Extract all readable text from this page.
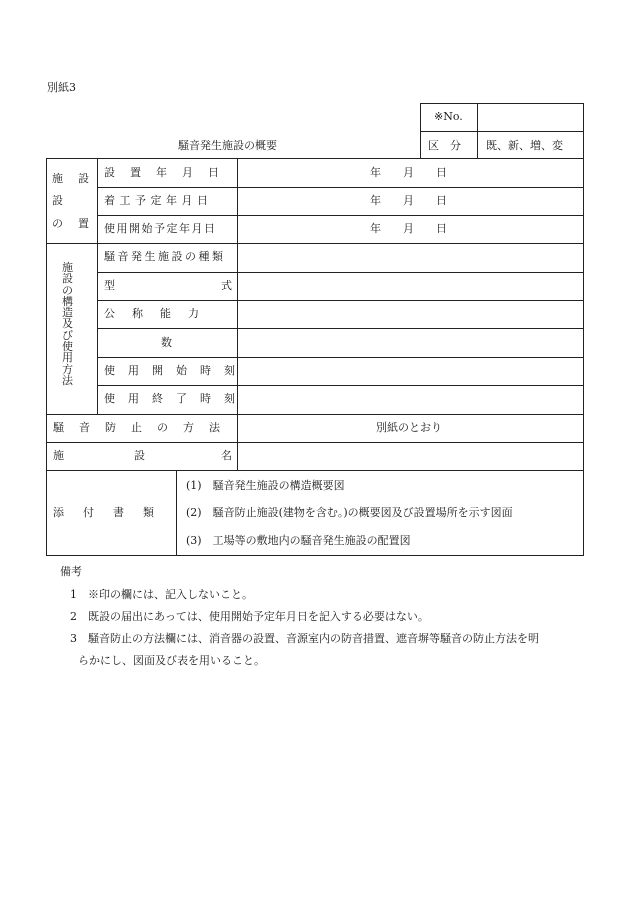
別紙3
※No.
区　分 既、新、増、変
騒音発生施設の概要
施 設
設
の 置
設　置　年　月　日	年　　月　　日
着工予定年月日	年　　月　　日
使用開始予定年月日	年　　月　　日
施設の構造及び使用方法
騒音発生施設の種類
型	式
公　称　能　力
数
使　用　開　始　時　刻
使　用　終　了　時　刻
騒　音　防　止　の　方　法	別紙のとおり
施	設	名
添　付　書　類
(1)　騒音発生施設の構造概要図
(2)　騒音防止施設(建物を含む。)の概要図及び設置場所を示す図面
(3)　工場等の敷地内の騒音発生施設の配置図
備考
1　※印の欄には、記入しないこと。
2　既設の届出にあっては、使用開始予定年月日を記入する必要はない。
3　騒音防止の方法欄には、消音器の設置、音源室内の防音措置、遮音塀等騒音の防止方法を明
らかにし、図面及び表を用いること。
